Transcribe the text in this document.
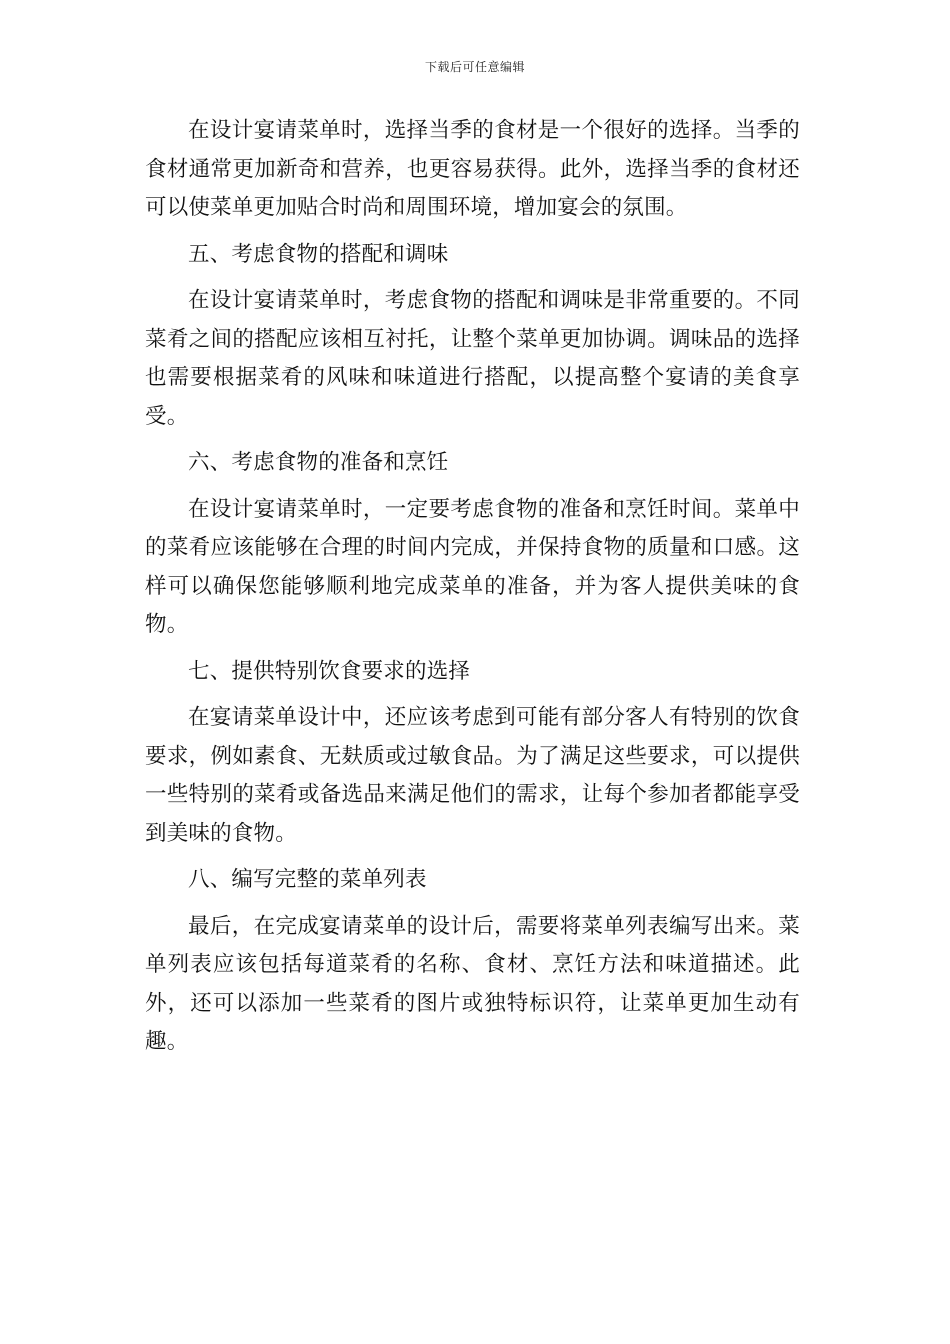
下载后可任意编辑

在设计宴请菜单时，选择当季的食材是一个很好的选择。当季的食材通常更加新奇和营养，也更容易获得。此外，选择当季的食材还可以使菜单更加贴合时尚和周围环境，增加宴会的氛围。

五、考虑食物的搭配和调味

在设计宴请菜单时，考虑食物的搭配和调味是非常重要的。不同菜肴之间的搭配应该相互衬托，让整个菜单更加协调。调味品的选择也需要根据菜肴的风味和味道进行搭配，以提高整个宴请的美食享受。

六、考虑食物的准备和烹饪

在设计宴请菜单时，一定要考虑食物的准备和烹饪时间。菜单中的菜肴应该能够在合理的时间内完成，并保持食物的质量和口感。这样可以确保您能够顺利地完成菜单的准备，并为客人提供美味的食物。

七、提供特别饮食要求的选择

在宴请菜单设计中，还应该考虑到可能有部分客人有特别的饮食要求，例如素食、无麸质或过敏食品。为了满足这些要求，可以提供一些特别的菜肴或备选品来满足他们的需求，让每个参加者都能享受到美味的食物。

八、编写完整的菜单列表

最后，在完成宴请菜单的设计后，需要将菜单列表编写出来。菜单列表应该包括每道菜肴的名称、食材、烹饪方法和味道描述。此外，还可以添加一些菜肴的图片或独特标识符，让菜单更加生动有趣。
